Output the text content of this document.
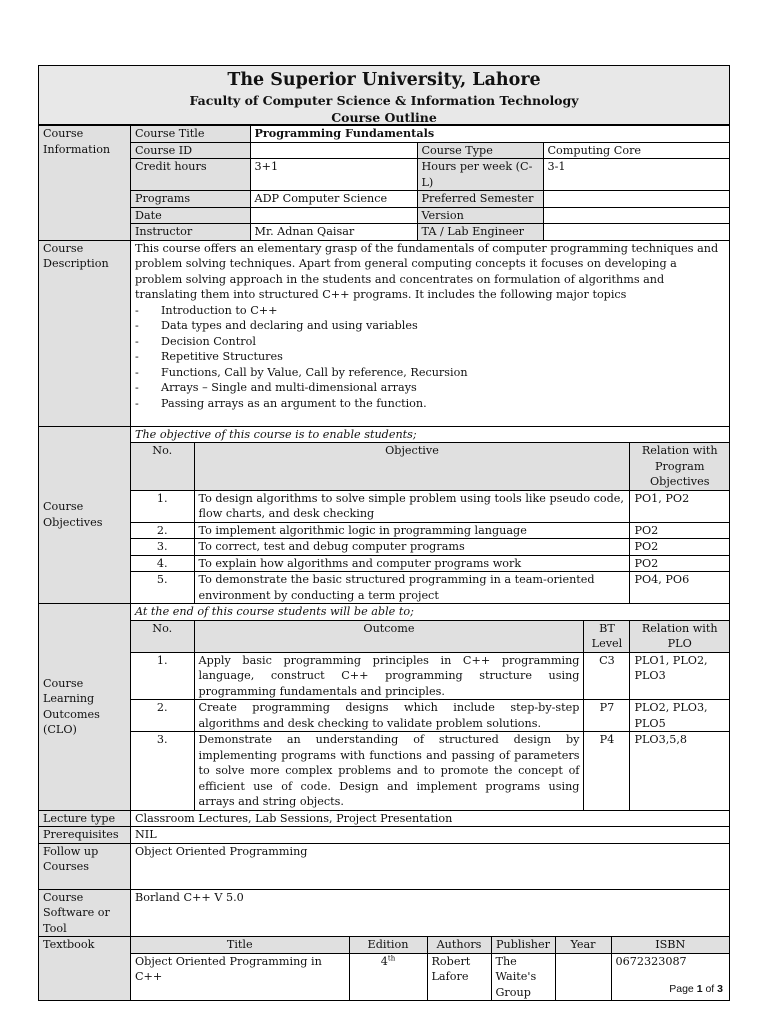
The Superior University, Lahore
Faculty of Computer Science & Information Technology
Course Outline
Course Information	
Course Title	Programming Fundamentals
Course ID		Course Type	Computing Core
Credit hours	3+1	Hours per week (C-L)	3-1
Programs	ADP Computer Science	Preferred Semester	
Date		Version	
Instructor	Mr. Adnan Qaisar	TA / Lab Engineer	

Course Description	
This course offers an elementary grasp of the fundamentals of computer programming techniques and problem solving techniques. Apart from general computing concepts it focuses on developing a problem solving approach in the students and concentrates on formulation of algorithms and translating them into structured C++ programs. It includes the following major topics
- Introduction to C++
- Data types and declaring and using variables
- Decision Control
- Repetitive Structures
- Functions, Call by Value, Call by reference, Recursion
- Arrays – Single and multi-dimensional arrays
- Passing arrays as an argument to the function.

Course Objectives	
The objective of this course is to enable students;
No.	Objective	Relation with Program Objectives
1.	To design algorithms to solve simple problem using tools like pseudo code, flow charts, and desk checking	PO1, PO2
2.	To implement algorithmic logic in programming language	PO2
3.	To correct, test and debug computer programs	PO2
4.	To explain how algorithms and computer programs work	PO2
5.	To demonstrate the basic structured programming in a team-oriented environment by conducting a term project	PO4, PO6

Course Learning Outcomes (CLO)	
At the end of this course students will be able to;
No.	Outcome	BT Level	Relation with PLO
1.	Apply basic programming principles in C++ programming language, construct C++ programming structure using programming fundamentals and principles.	C3	PLO1, PLO2, PLO3
2.	Create programming designs which include step-by-step algorithms and desk checking to validate problem solutions.	P7	PLO2, PLO3, PLO5
3.	Demonstrate an understanding of structured design by implementing programs with functions and passing of parameters to solve more complex problems and to promote the concept of efficient use of code. Design and implement programs using arrays and string objects.	P4	PLO3,5,8

Lecture type	Classroom Lectures, Lab Sessions, Project Presentation
Prerequisites	NIL
Follow up Courses	Object Oriented Programming
Course Software or Tool	Borland C++ V 5.0
Textbook		Title	Edition	Authors	Publisher	Year	ISBN
Object Oriented Programming in C++	4th	Robert Lafore	The Waite's Group		0672323087
Page 1 of 3
